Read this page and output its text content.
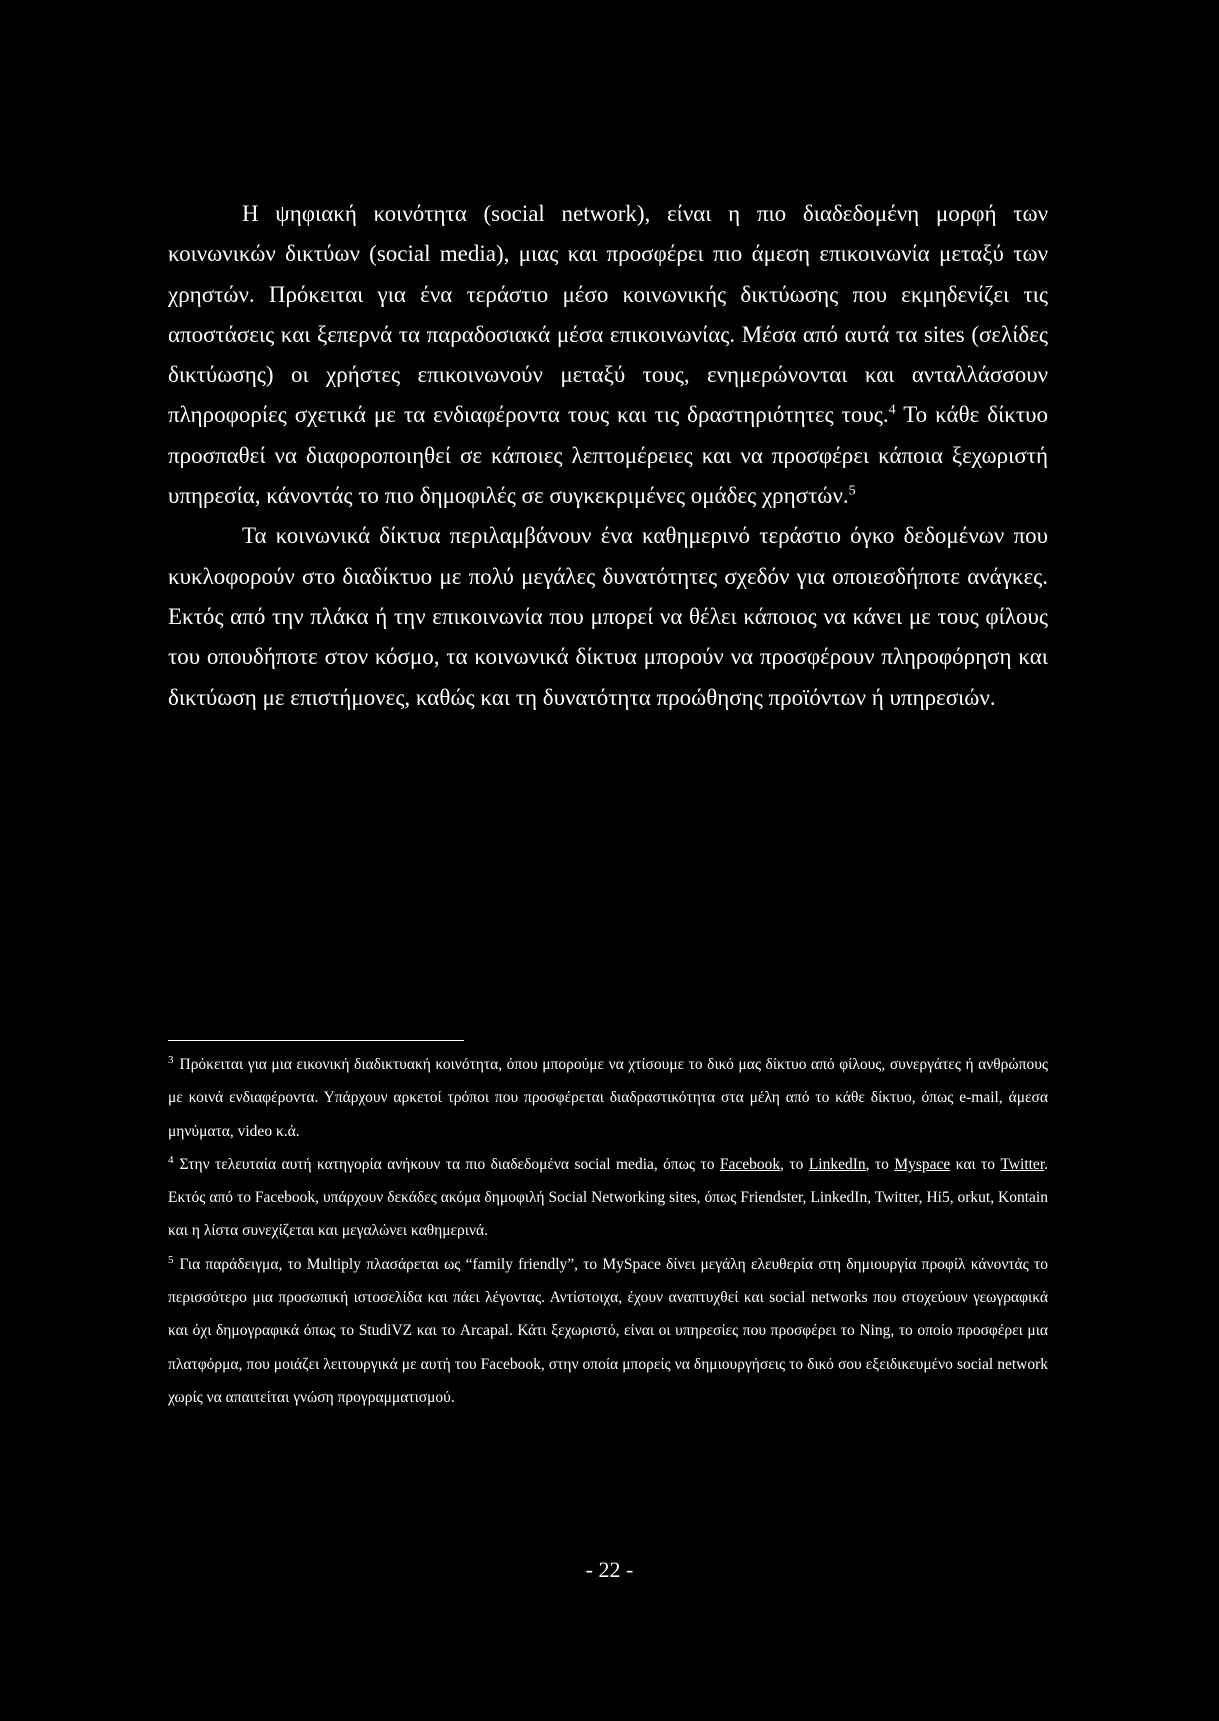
Η ψηφιακή κοινότητα (social network), είναι η πιο διαδεδομένη μορφή των κοινωνικών δικτύων (social media), μιας και προσφέρει πιο άμεση επικοινωνία μεταξύ των χρηστών. Πρόκειται για ένα τεράστιο μέσο κοινωνικής δικτύωσης που εκμηδενίζει τις αποστάσεις και ξεπερνά τα παραδοσιακά μέσα επικοινωνίας. Μέσα από αυτά τα sites (σελίδες δικτύωσης) οι χρήστες επικοινωνούν μεταξύ τους, ενημερώνονται και ανταλλάσσουν πληροφορίες σχετικά με τα ενδιαφέροντα τους και τις δραστηριότητες τους.$^4$ Το κάθε δίκτυο προσπαθεί να διαφοροποιηθεί σε κάποιες λεπτομέρειες και να προσφέρει κάποια ξεχωριστή υπηρεσία, κάνοντάς το πιο δημοφιλές σε συγκεκριμένες ομάδες χρηστών.$^5$

Τα κοινωνικά δίκτυα περιλαμβάνουν ένα καθημερινό τεράστιο όγκο δεδομένων που κυκλοφορούν στο διαδίκτυο με πολύ μεγάλες δυνατότητες σχεδόν για οποιεσδήποτε ανάγκες. Εκτός από την πλάκα ή την επικοινωνία που μπορεί να θέλει κάποιος να κάνει με τους φίλους του οπουδήποτε στον κόσμο, τα κοινωνικά δίκτυα μπορούν να προσφέρουν πληροφόρηση και δικτύωση με επιστήμονες, καθώς και τη δυνατότητα προώθησης προϊόντων ή υπηρεσιών.

$^3$ Πρόκειται για μια εικονική διαδικτυακή κοινότητα, όπου μπορούμε να χτίσουμε το δικό μας δίκτυο από φίλους, συνεργάτες ή ανθρώπους με κοινά ενδιαφέροντα. Υπάρχουν αρκετοί τρόποι που προσφέρεται διαδραστικότητα στα μέλη από το κάθε δίκτυο, όπως e-mail, άμεσα μηνύματα, video κ.ά.

$^4$ Στην τελευταία αυτή κατηγορία ανήκουν τα πιο διαδεδομένα social media, όπως το Facebook, το LinkedIn, το Myspace και το Twitter. Εκτός από το Facebook, υπάρχουν δεκάδες ακόμα δημοφιλή Social Networking sites, όπως Friendster, LinkedIn, Twitter, Hi5, orkut, Kontain και η λίστα συνεχίζεται και μεγαλώνει καθημερινά.

$^5$ Για παράδειγμα, το Multiply πλασάρεται ως “family friendly”, το MySpace δίνει μεγάλη ελευθερία στη δημιουργία προφίλ κάνοντάς το περισσότερο μια προσωπική ιστοσελίδα και πάει λέγοντας. Αντίστοιχα, έχουν αναπτυχθεί και social networks που στοχεύουν γεωγραφικά και όχι δημογραφικά όπως το StudiVZ και το Arcapal. Κάτι ξεχωριστό, είναι οι υπηρεσίες που προσφέρει το Ning, το οποίο προσφέρει μια πλατφόρμα, που μοιάζει λειτουργικά με αυτή του Facebook, στην οποία μπορείς να δημιουργήσεις το δικό σου εξειδικευμένο social network χωρίς να απαιτείται γνώση προγραμματισμού.

- 22 -
